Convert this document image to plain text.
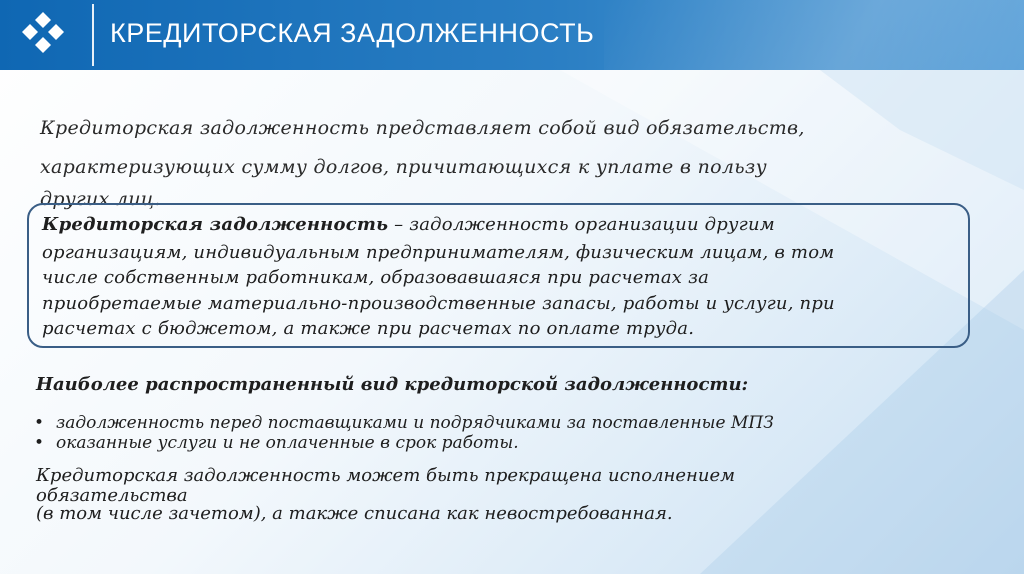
КРЕДИТОРСКАЯ ЗАДОЛЖЕННОСТЬ
Кредиторская задолженность представляет собой вид обязательств,
характеризующих сумму долгов, причитающихся к уплате в пользу
других лиц.
Кредиторская задолженность – задолженность организации другим
организациям, индивидуальным предпринимателям, физическим лицам, в том
числе собственным работникам, образовавшаяся при расчетах за
приобретаемые материально-производственные запасы, работы и услуги, при
расчетах с бюджетом, а также при расчетах по оплате труда.
Наиболее распространенный вид кредиторской задолженности:
• задолженность перед поставщиками и подрядчиками за поставленные МПЗ
• оказанные услуги и не оплаченные в срок работы.
Кредиторская задолженность может быть прекращена исполнением
обязательства
(в том числе зачетом), а также списана как невостребованная.
